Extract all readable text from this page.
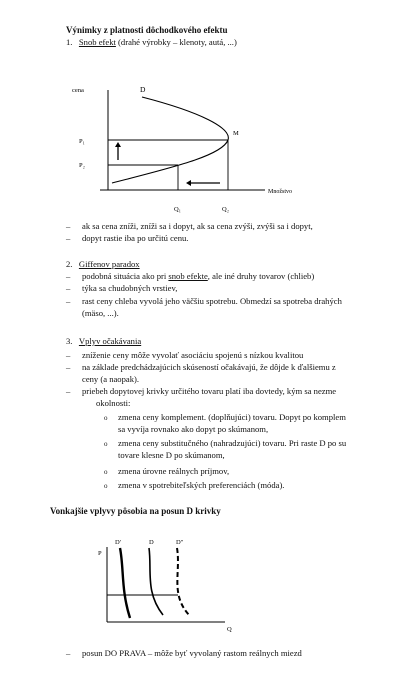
Výnimky z platnosti dôchodkového efektu
1. Snob efekt (drahé výrobky – klenoty, autá, ...)
cena	D
M
P₁
P₂
Q₁	Q₂
Množstvo
– ak sa cena zníži, zníži sa i dopyt, ak sa cena zvýši, zvýši sa i dopyt,
– dopyt rastie iba po určitú cenu.
2. Giffenov paradox
– podobná situácia ako pri snob efekte, ale iné druhy tovarov (chlieb)
– týka sa chudobných vrstiev,
– rast ceny chleba vyvolá jeho väčšiu spotrebu. Obmedzí sa spotreba drahých
(mäso, ...).
3. Vplyv očakávania
– zníženie ceny môže vyvolať asociáciu spojenú s nízkou kvalitou
– na základe predchádzajúcich skúseností očakávajú, že dôjde k ďalšiemu z
ceny (a naopak).
– priebeh dopytovej krivky určitého tovaru platí iba dovtedy, kým sa nezme
okolnosti:
o zmena ceny komplement. (doplňujúci) tovaru. Dopyt po komplem
sa vyvíja rovnako ako dopyt po skúmanom,
o zmena ceny substitučného (nahradzujúci) tovaru. Pri raste D po su
tovare klesne D po skúmanom,
o zmena úrovne reálnych príjmov,
o zmena v spotrebiteľských preferenciách (móda).
Vonkajšie vplyvy pôsobia na posun D krivky
P
Q
D'	D	D''
– posun DO PRAVA – môže byť vyvolaný rastom reálnych miezd
